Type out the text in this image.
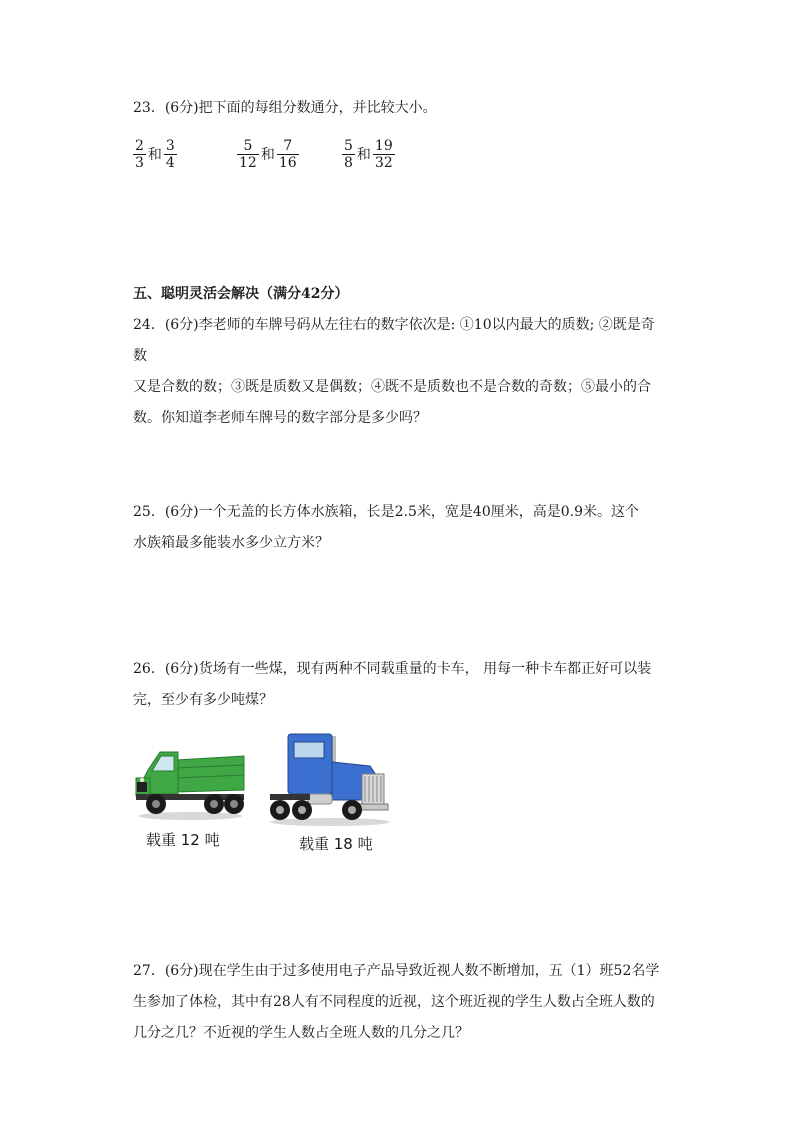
23．(6分)把下面的每组分数通分，并比较大小。
$\frac{2}{3}$ 和 $\frac{3}{4}$	$\frac{5}{12}$ 和 $\frac{7}{16}$	$\frac{5}{8}$ 和 $\frac{19}{32}$
五、聪明灵活会解决（满分42分）
24．(6分)李老师的车牌号码从左往右的数字依次是: ①10以内最大的质数; ②既是奇数
又是合数的数；③既是质数又是偶数；④既不是质数也不是合数的奇数；⑤最小的合
数。你知道李老师车牌号的数字部分是多少吗？
25．(6分)一个无盖的长方体水族箱，长是2.5米，宽是40厘米，高是0.9米。这个
水族箱最多能装水多少立方米？
26．(6分)货场有一些煤，现有两种不同载重量的卡车， 用每一种卡车都正好可以装
完，至少有多少吨煤？
载重 12 吨	载重 18 吨
27．(6分)现在学生由于过多使用电子产品导致近视人数不断增加，五（1）班52名学
生参加了体检，其中有28人有不同程度的近视，这个班近视的学生人数占全班人数的
几分之几？不近视的学生人数占全班人数的几分之几？
